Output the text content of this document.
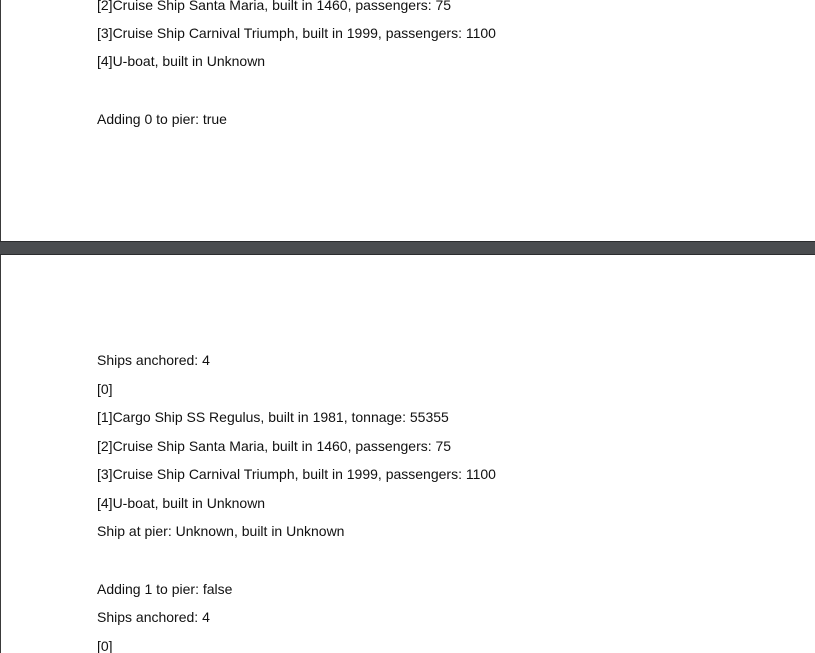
[2]Cruise Ship Santa Maria, built in 1460, passengers: 75
[3]Cruise Ship Carnival Triumph, built in 1999, passengers: 1100
[4]U-boat, built in Unknown
Adding 0 to pier: true
Ships anchored: 4
[0]
[1]Cargo Ship SS Regulus, built in 1981, tonnage: 55355
[2]Cruise Ship Santa Maria, built in 1460, passengers: 75
[3]Cruise Ship Carnival Triumph, built in 1999, passengers: 1100
[4]U-boat, built in Unknown
Ship at pier: Unknown, built in Unknown
Adding 1 to pier: false
Ships anchored: 4
[0]
